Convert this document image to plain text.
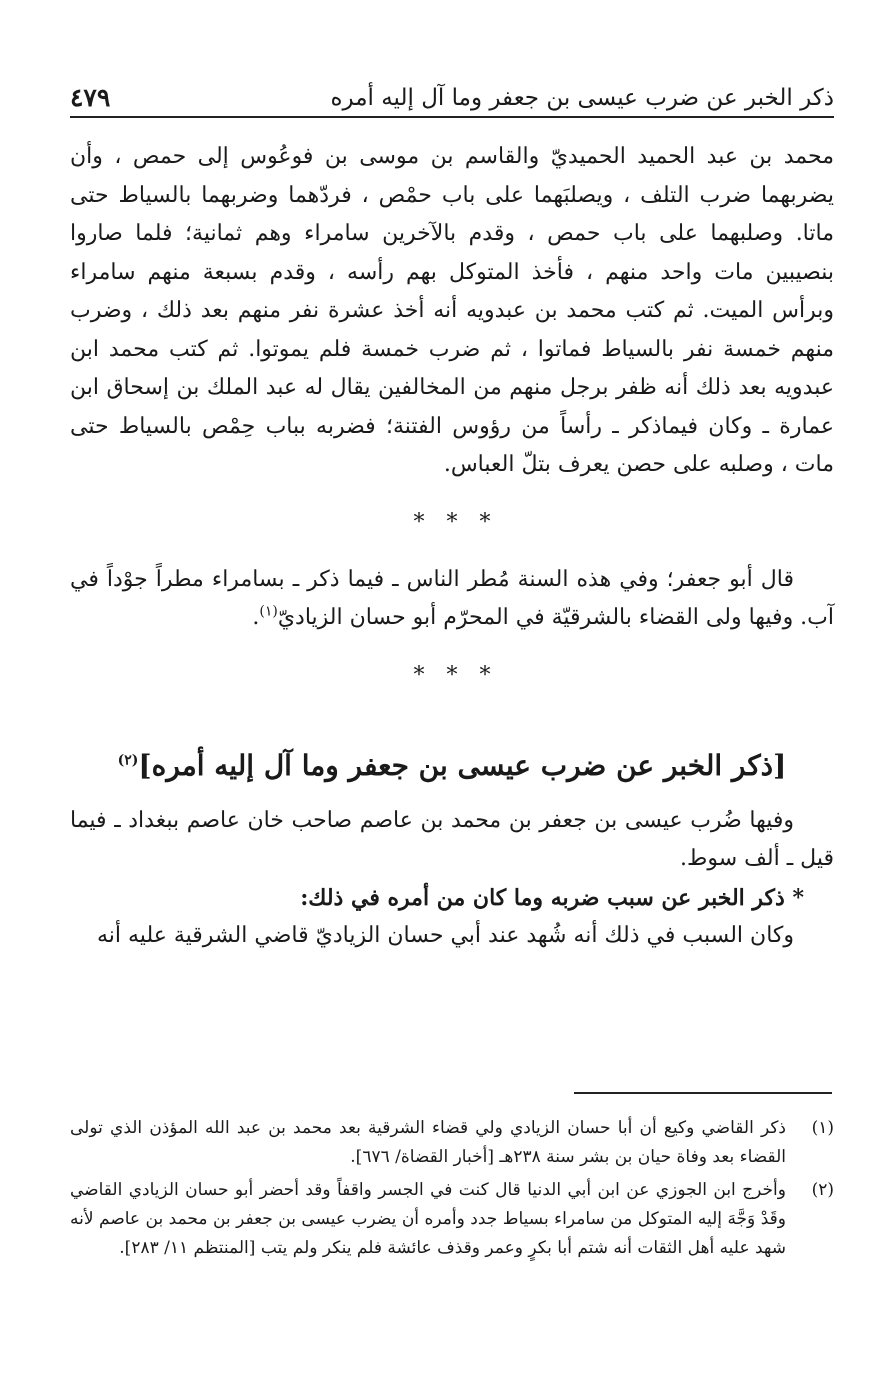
ذكر الخبر عن ضرب عيسى بن جعفر وما آل إليه أمره
٤٧٩

محمد بن عبد الحميد الحميديّ والقاسم بن موسى بن فوعُوس إلى حمص ، وأن يضربهما ضرب التلف ، ويصلبَهما على باب حمْص ، فردّهما وضربهما بالسياط حتى ماتا. وصلبهما على باب حمص ، وقدم بالآخرين سامراء وهم ثمانية؛ فلما صاروا بنصيبين مات واحد منهم ، فأخذ المتوكل بهم رأسه ، وقدم بسبعة منهم سامراء وبرأس الميت. ثم كتب محمد بن عبدويه أنه أخذ عشرة نفر منهم بعد ذلك ، وضرب منهم خمسة نفر بالسياط فماتوا ، ثم ضرب خمسة فلم يموتوا. ثم كتب محمد ابن عبدويه بعد ذلك أنه ظفر برجل منهم من المخالفين يقال له عبد الملك بن إسحاق ابن عمارة ـ وكان فيماذكر ـ رأساً من رؤوس الفتنة؛ فضربه بباب حِمْص بالسياط حتى مات ، وصلبه على حصن يعرف بتلّ العباس.

***

قال أبو جعفر؛ وفي هذه السنة مُطر الناس ـ فيما ذكر ـ بسامراء مطراً جوْداً في آب. وفيها ولى القضاء بالشرقيّة في المحرّم أبو حسان الزياديّ$^{(١)}$.

***
[ذكر الخبر عن ضرب عيسى بن جعفر وما آل إليه أمره]$^{(٢)}$

وفيها ضُرب عيسى بن جعفر بن محمد بن عاصم صاحب خان عاصم ببغداد ـ فيما قيل ـ ألف سوط.

* ذكر الخبر عن سبب ضربه وما كان من أمره في ذلك:

وكان السبب في ذلك أنه شُهد عند أبي حسان الزياديّ قاضي الشرقية عليه أنه

(١)
ذكر القاضي وكيع أن أبا حسان الزيادي ولي قضاء الشرقية بعد محمد بن عبد الله المؤذن الذي تولى القضاء بعد وفاة حيان بن بشر سنة ٢٣٨هـ [أخبار القضاة/ ٦٧٦].
(٢)
وأخرج ابن الجوزي عن ابن أبي الدنيا قال كنت في الجسر واقفاً وقد أحضر أبو حسان الزيادي القاضي وقَدْ وَجَّهَ إليه المتوكل من سامراء بسياط جدد وأمره أن يضرب عيسى بن جعفر بن محمد بن عاصم لأنه شهد عليه أهل الثقات أنه شتم أبا بكرٍ وعمر وقذف عائشة فلم ينكر ولم يتب [المنتظم ١١/ ٢٨٣].
